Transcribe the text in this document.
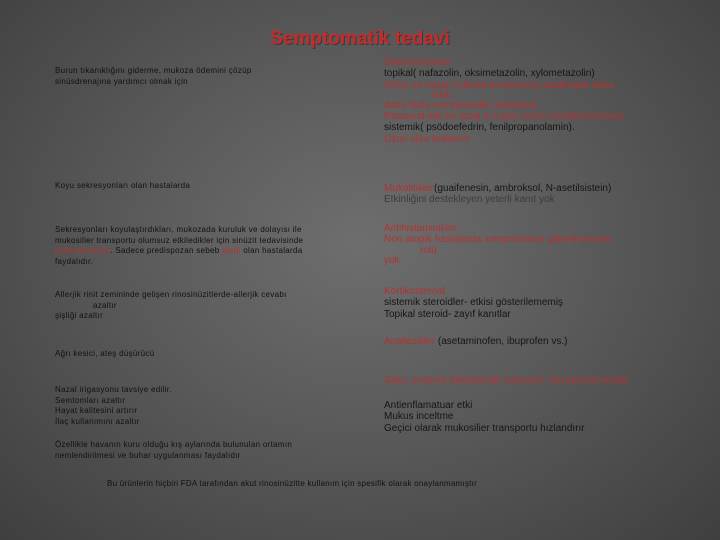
Semptomatik tedavi
Burun tıkanıklığını giderme, mukoza ödemini çözüp
sinüsdrenajına yardımcı olmak için
Koyu sekresyonları olan hastalarda
Sekresyonları koyulaştırdıkları, mukozada kuruluk ve dolayısı ile
mukosilier transportu olumsuz etkiledikler için sinüzit tedavisinde
kullanılmamalı. Sadece predispozan sebeb alerji olan hastalarda
faydalıdır.
Allerjik rinit zemininde gelişen rinosinüzitlerde-allerjik cevabı
azaltır
şişliği azaltır
Ağrı kesici, ateş düşürücü
Nazal irigasyonu tavsiye edilir.
Semtomları azaltır
Hayat kalitesini artırır
İlaç kullanımını azaltır
Özellikle havanın kuru olduğu kış aylarında bulunulan ortamın
nemlendirilmesi ve buhar uygulanması faydalıdır
Dekonjestanlar
topikal( nafazolin, oksimetazolin, xylometazolin)
Sinüs ve nazal mukoza konjesyonu azaltmada daha
etkili
daha fazla semptomatik rahatlama
Rebaund etki en fazla 3-4 gün (rinitis medikamentosa)
sistemik( psödoefedrin, fenilpropanolamin).
Uzun süre kullanım
Mukolitikler(guaifenesin, ambroksol, N-asetilsistein)
Etkinliğini destekleyen yeterli kanıt yok
Antihistaminikler
Non atopik hastalarda semptomların giderilmesinde
rolü
yok
Kortikosteroid
sistemik steroidler- etkisi gösterilememiş
Topikal steroid- zayıf kanıtlar
Analjezikler (asetaminofen, ibuprofen vs.)
Salin, sodyum bikarbonatlı solüsyon, hazırprepereratlar
Antienflamatuar etki
Mukus inceltme
Geçici olarak mukosilier transportu hızlandırır
Bu ürünlerin hiçbiri FDA tarafından akut rinosinüzitte kullanım için spesifik olarak onaylanmamıştır
